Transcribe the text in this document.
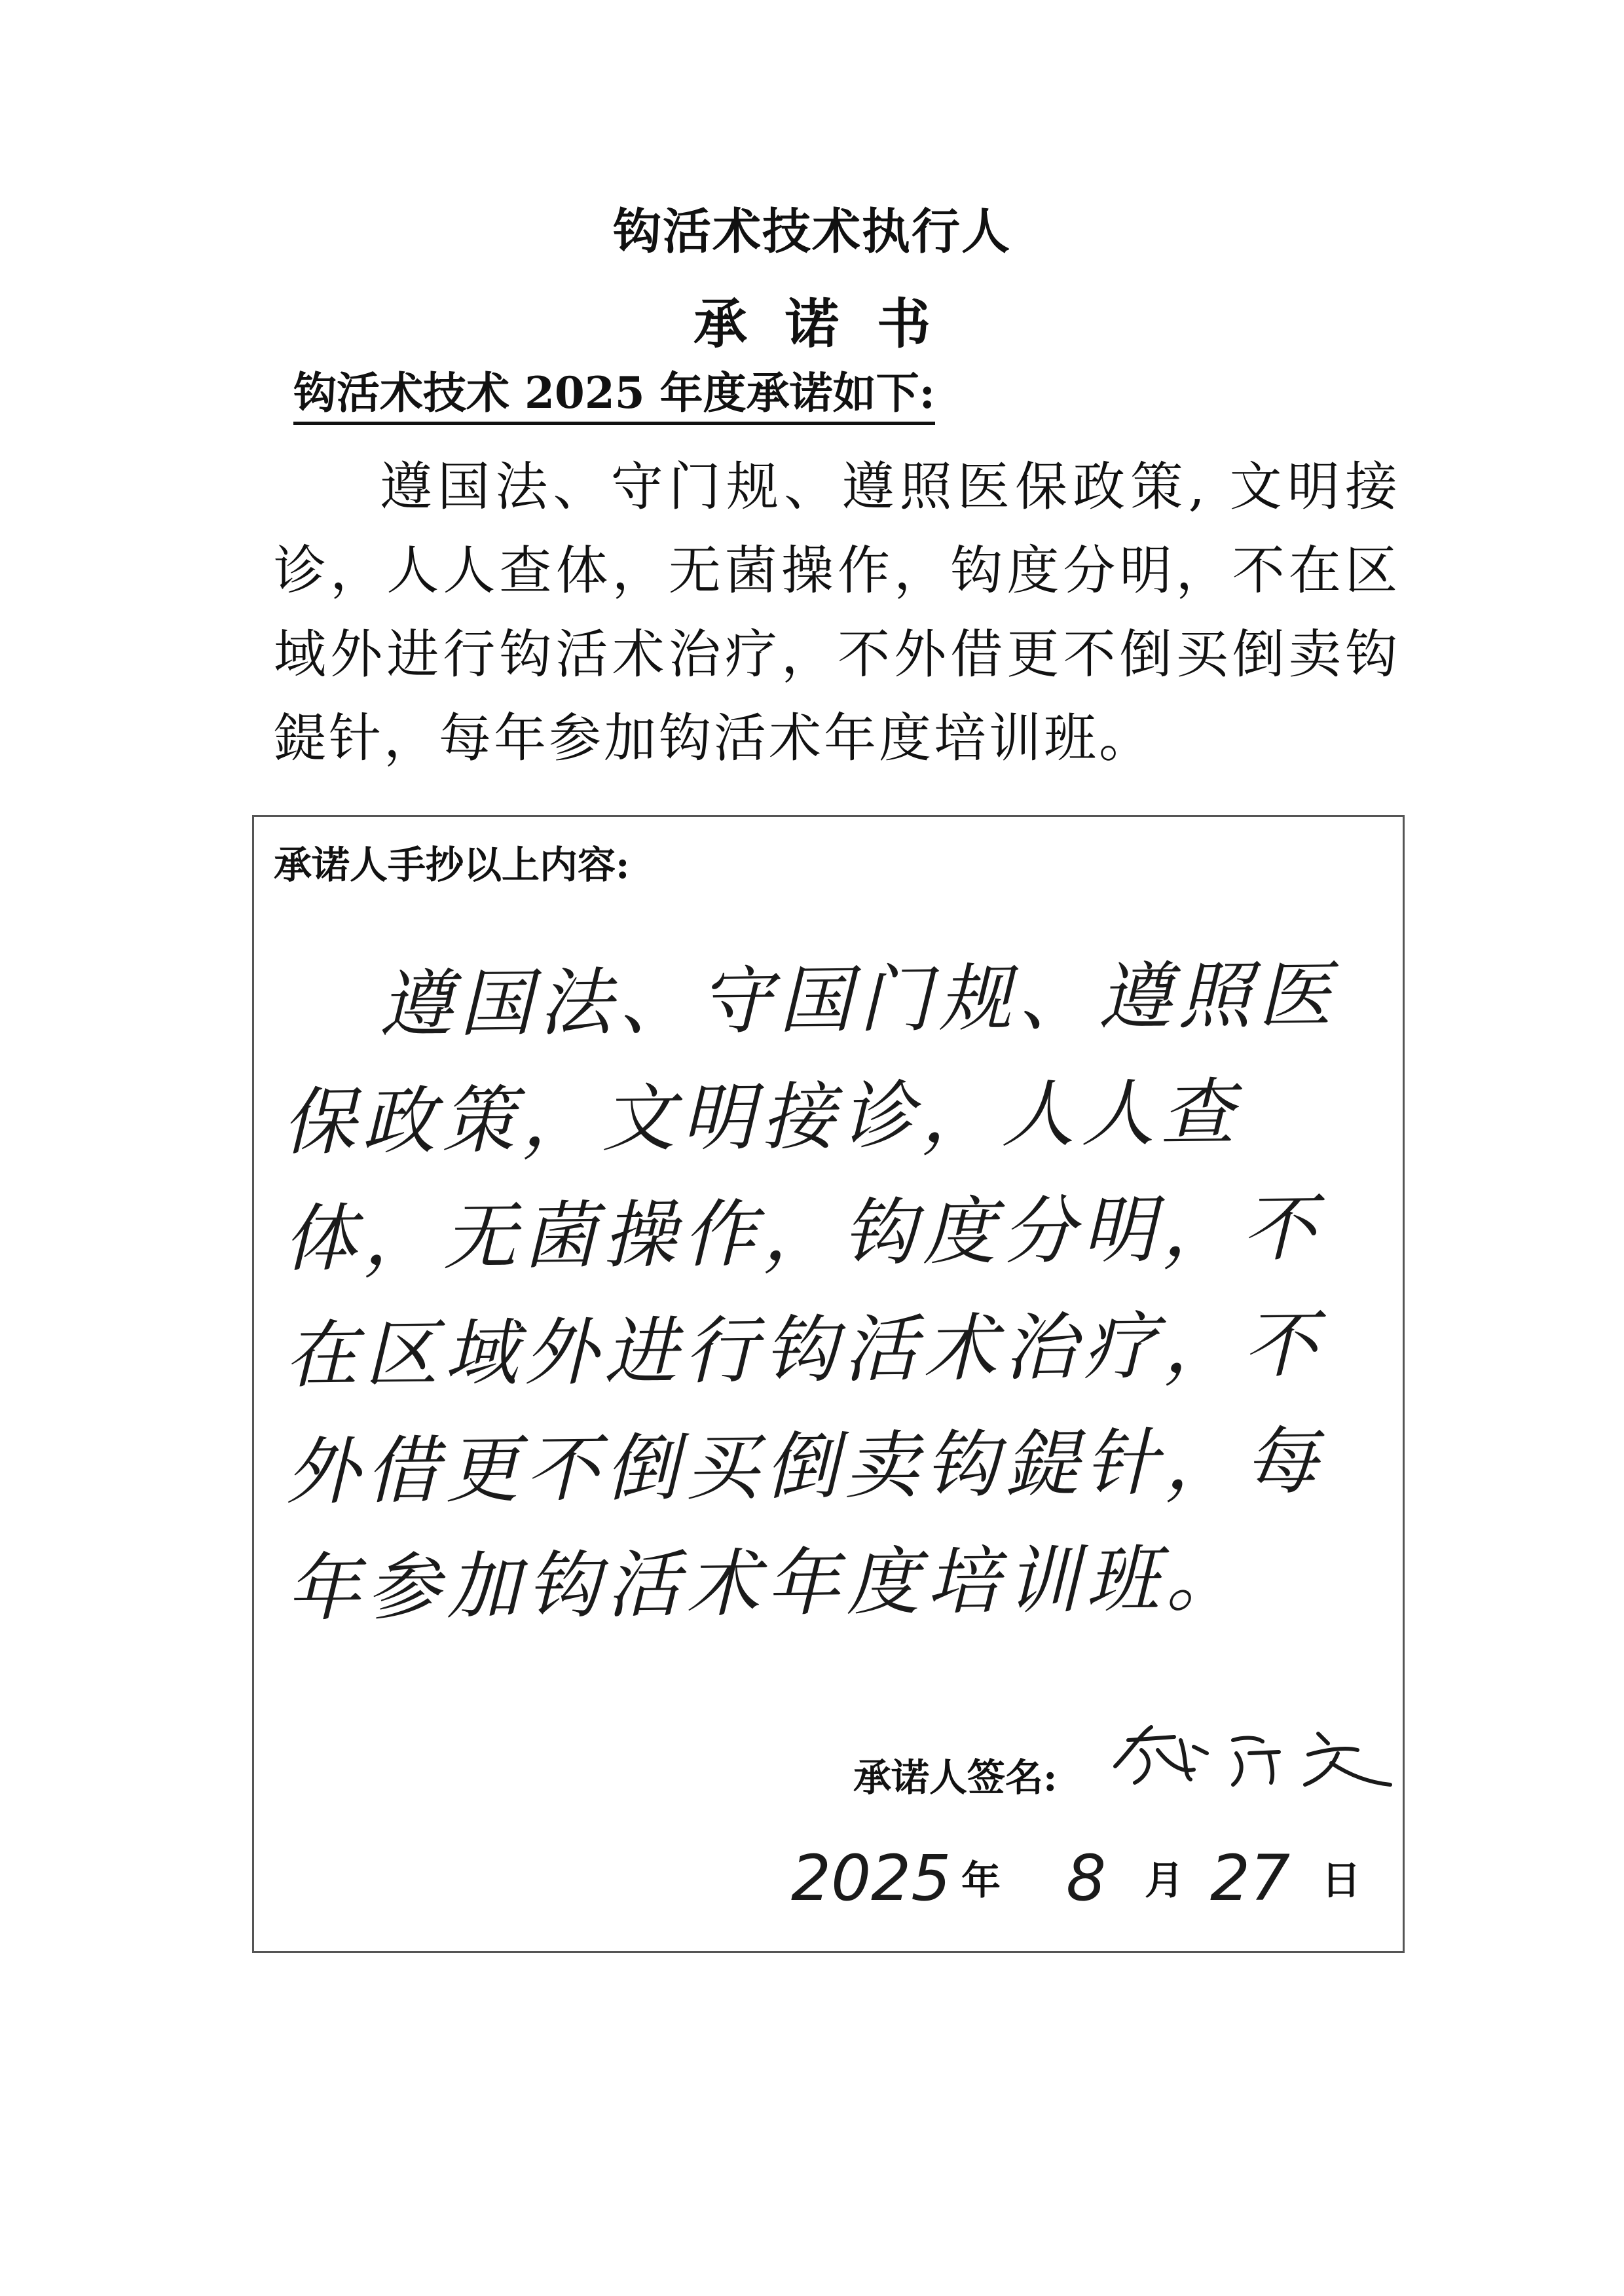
钩活术技术执行人
承诺书
钩活术技术 2025 年度承诺如下:
遵国法、守门规、遵照医保政策, 文明接诊，人人查体，无菌操作，钩度分明，不在区域外进行钩活术治疗，不外借更不倒买倒卖钩鍉针，每年参加钩活术年度培训班。
承诺人手抄以上内容:
遵国法、守国门规、遵照医保政策，文明接诊，人人查体，无菌操作，钩度分明，不在区域外进行钩活术治疗，不外借更不倒买倒卖钩鍉针，每年参加钩活术年度培训班。
承诺人签名:
2025 年 8 月 27 日
